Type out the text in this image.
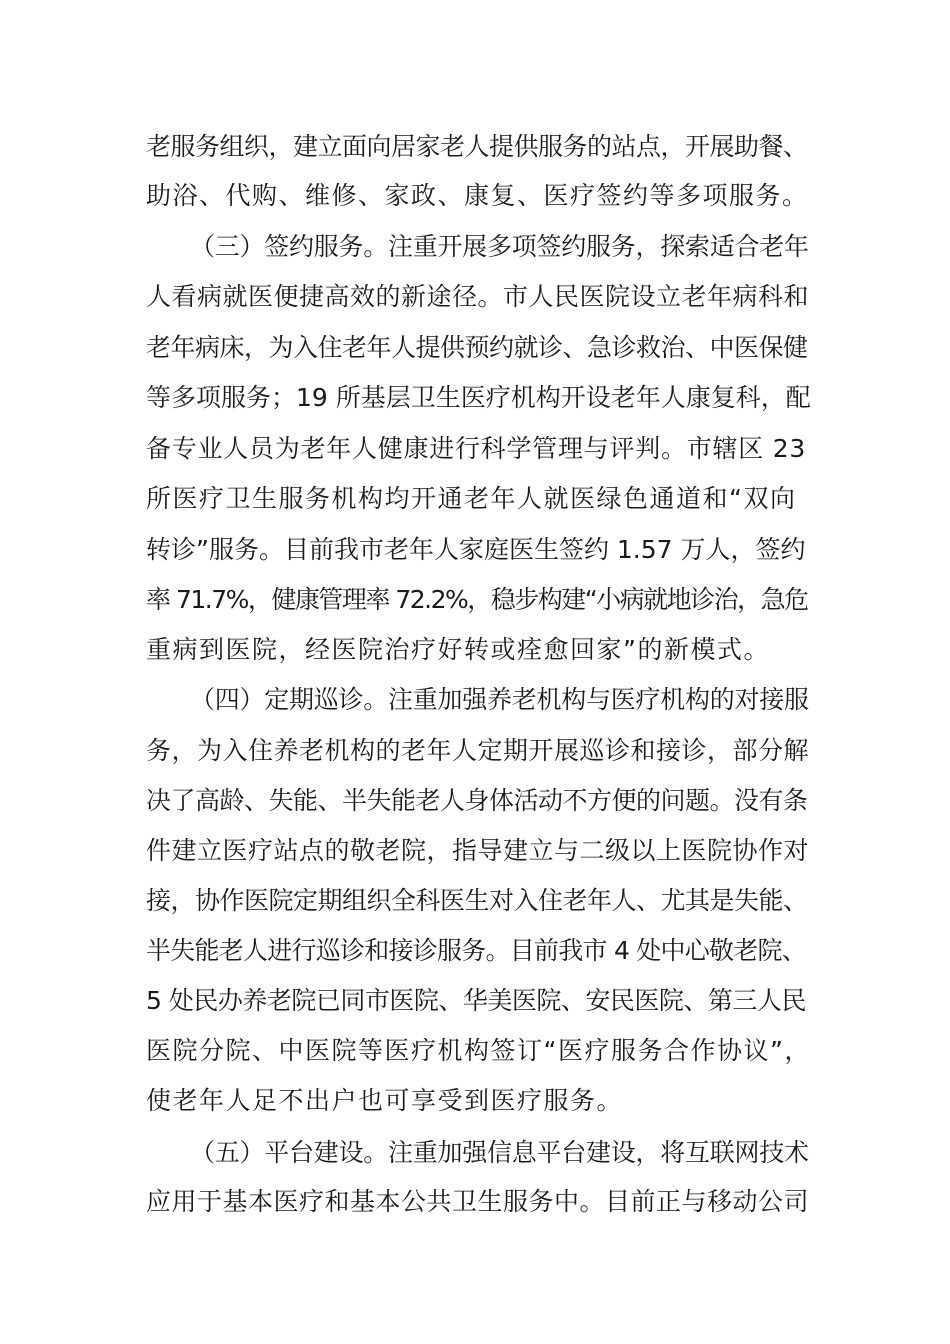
老服务组织，建立面向居家老人提供服务的站点，开展助餐、
助浴、代购、维修、家政、康复、医疗签约等多项服务。
（三）签约服务。注重开展多项签约服务，探索适合老年
人看病就医便捷高效的新途径。市人民医院设立老年病科和
老年病床，为入住老年人提供预约就诊、急诊救治、中医保健
等多项服务；19 所基层卫生医疗机构开设老年人康复科，配
备专业人员为老年人健康进行科学管理与评判。市辖区 23
所医疗卫生服务机构均开通老年人就医绿色通道和“双向
转诊”服务。目前我市老年人家庭医生签约 1.57 万人，签约
率 71.7%，健康管理率 72.2%，稳步构建“小病就地诊治，急危
重病到医院，经医院治疗好转或痊愈回家”的新模式。
（四）定期巡诊。注重加强养老机构与医疗机构的对接服
务，为入住养老机构的老年人定期开展巡诊和接诊，部分解
决了高龄、失能、半失能老人身体活动不方便的问题。没有条
件建立医疗站点的敬老院，指导建立与二级以上医院协作对
接，协作医院定期组织全科医生对入住老年人、尤其是失能、
半失能老人进行巡诊和接诊服务。目前我市 4 处中心敬老院、
5 处民办养老院已同市医院、华美医院、安民医院、第三人民
医院分院、中医院等医疗机构签订“医疗服务合作协议”，
使老年人足不出户也可享受到医疗服务。
（五）平台建设。注重加强信息平台建设，将互联网技术
应用于基本医疗和基本公共卫生服务中。目前正与移动公司
